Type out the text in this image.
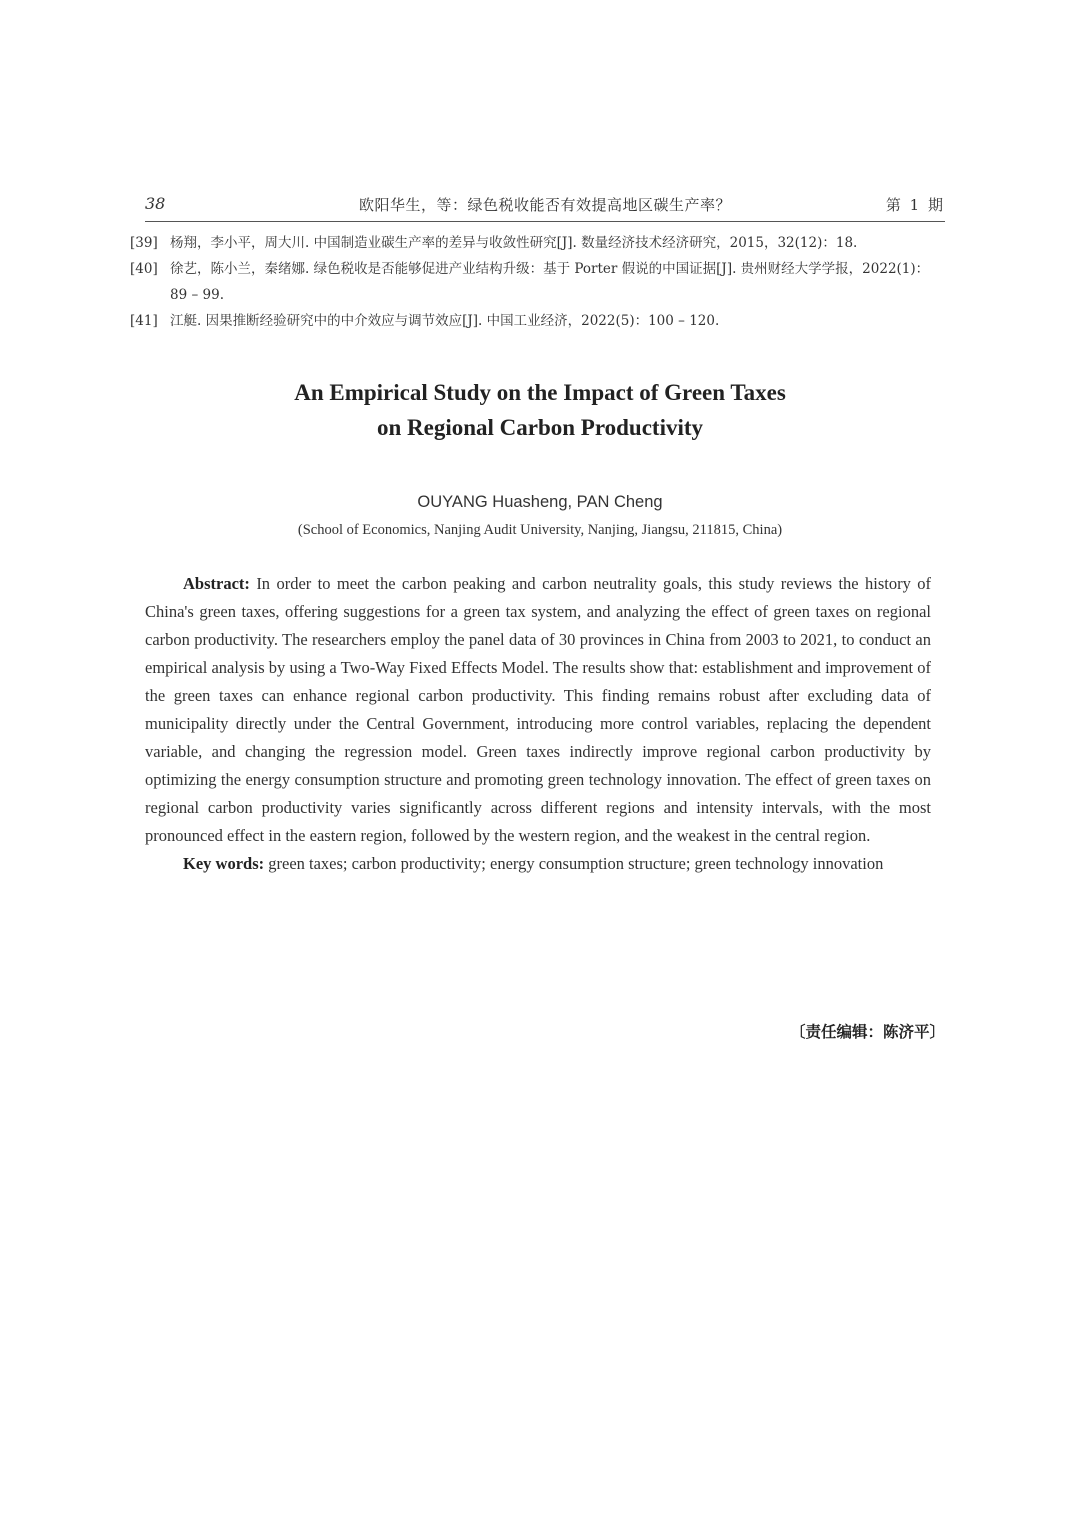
38	欧阳华生，等：绿色税收能否有效提高地区碳生产率？	第 1 期
[39] 杨翔，李小平，周大川. 中国制造业碳生产率的差异与收敛性研究[J]. 数量经济技术经济研究，2015，32(12)：18.
[40] 徐艺，陈小兰，秦绪娜. 绿色税收是否能够促进产业结构升级：基于 Porter 假说的中国证据[J]. 贵州财经大学学报，2022(1)：89 – 99.
[41] 江艇. 因果推断经验研究中的中介效应与调节效应[J]. 中国工业经济，2022(5)：100 – 120.
An Empirical Study on the Impact of Green Taxes
on Regional Carbon Productivity
OUYANG Huasheng, PAN Cheng
(School of Economics, Nanjing Audit University, Nanjing, Jiangsu, 211815, China)

Abstract: In order to meet the carbon peaking and carbon neutrality goals, this study reviews the history of China's green taxes, offering suggestions for a green tax system, and analyzing the effect of green taxes on regional carbon productivity. The researchers employ the panel data of 30 provinces in China from 2003 to 2021, to conduct an empirical analysis by using a Two-Way Fixed Effects Model. The results show that: establishment and improvement of the green taxes can enhance regional carbon productivity. This finding remains robust after excluding data of municipality directly under the Central Government, introducing more control variables, replacing the dependent variable, and changing the regression model. Green taxes indirectly improve regional carbon productivity by optimizing the energy consumption structure and promoting green technology innovation. The effect of green taxes on regional carbon productivity varies significantly across different regions and intensity intervals, with the most pronounced effect in the eastern region, followed by the western region, and the weakest in the central region.

Key words: green taxes; carbon productivity; energy consumption structure; green technology innovation

〔责任编辑：陈济平〕
